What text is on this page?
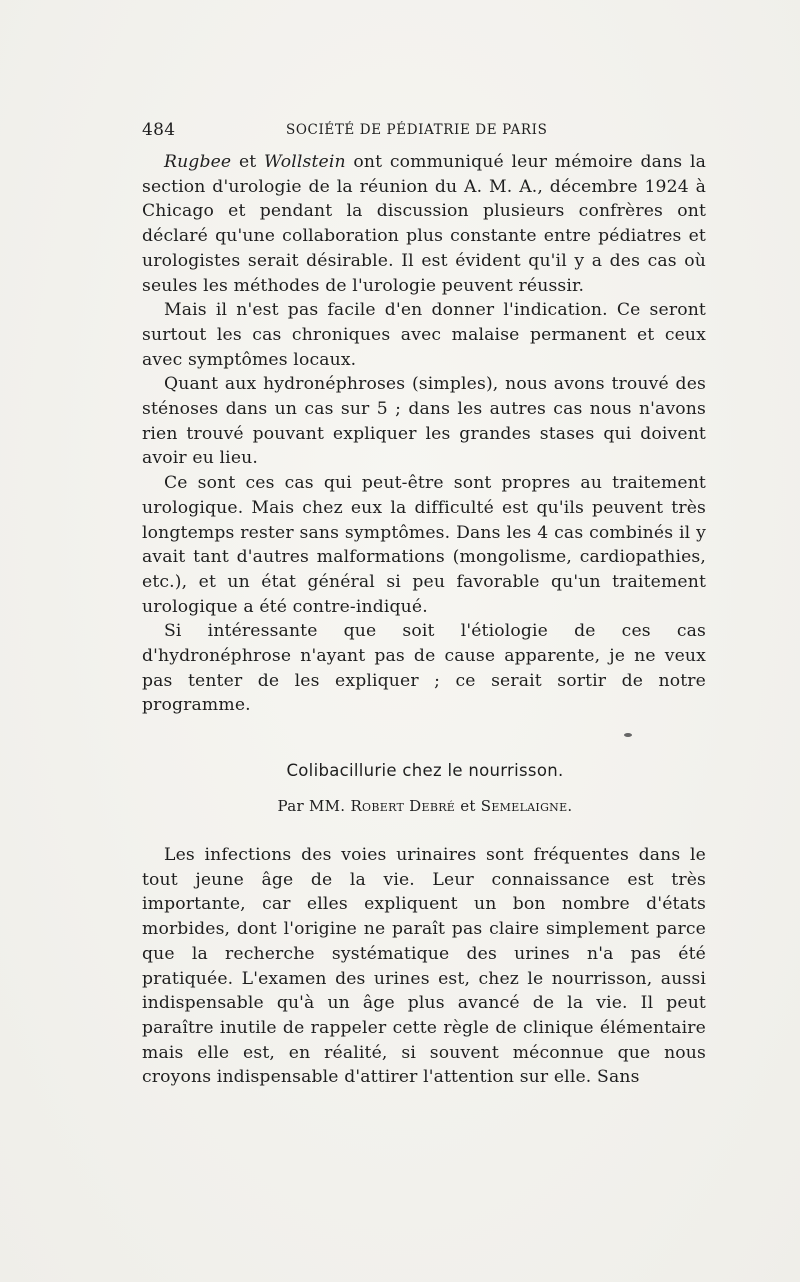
484	SOCIÉTÉ DE PÉDIATRIE DE PARIS

Rugbee et Wollstein ont communiqué leur mémoire dans la section d'urologie de la réunion du A. M. A., décembre 1924 à Chicago et pendant la discussion plusieurs confrères ont déclaré qu'une collaboration plus constante entre pédiatres et urologistes serait désirable. Il est évident qu'il y a des cas où seules les méthodes de l'urologie peuvent réussir.

Mais il n'est pas facile d'en donner l'indication. Ce seront surtout les cas chroniques avec malaise permanent et ceux avec symptômes locaux.

Quant aux hydronéphroses (simples), nous avons trouvé des sténoses dans un cas sur 5 ; dans les autres cas nous n'avons rien trouvé pouvant expliquer les grandes stases qui doivent avoir eu lieu.

Ce sont ces cas qui peut-être sont propres au traitement urologique. Mais chez eux la difficulté est qu'ils peuvent très longtemps rester sans symptômes. Dans les 4 cas combinés il y avait tant d'autres malformations (mongolisme, cardiopathies, etc.), et un état général si peu favorable qu'un traitement urologique a été contre-indiqué.

Si intéressante que soit l'étiologie de ces cas d'hydronéphrose n'ayant pas de cause apparente, je ne veux pas tenter de les expliquer ; ce serait sortir de notre programme.

Colibacillurie chez le nourrisson.
Par MM. Robert Debré et Semelaigne.

Les infections des voies urinaires sont fréquentes dans le tout jeune âge de la vie. Leur connaissance est très importante, car elles expliquent un bon nombre d'états morbides, dont l'origine ne paraît pas claire simplement parce que la recherche systématique des urines n'a pas été pratiquée. L'examen des urines est, chez le nourrisson, aussi indispensable qu'à un âge plus avancé de la vie. Il peut paraître inutile de rappeler cette règle de clinique élémentaire mais elle est, en réalité, si souvent méconnue que nous croyons indispensable d'attirer l'attention sur elle. Sans
